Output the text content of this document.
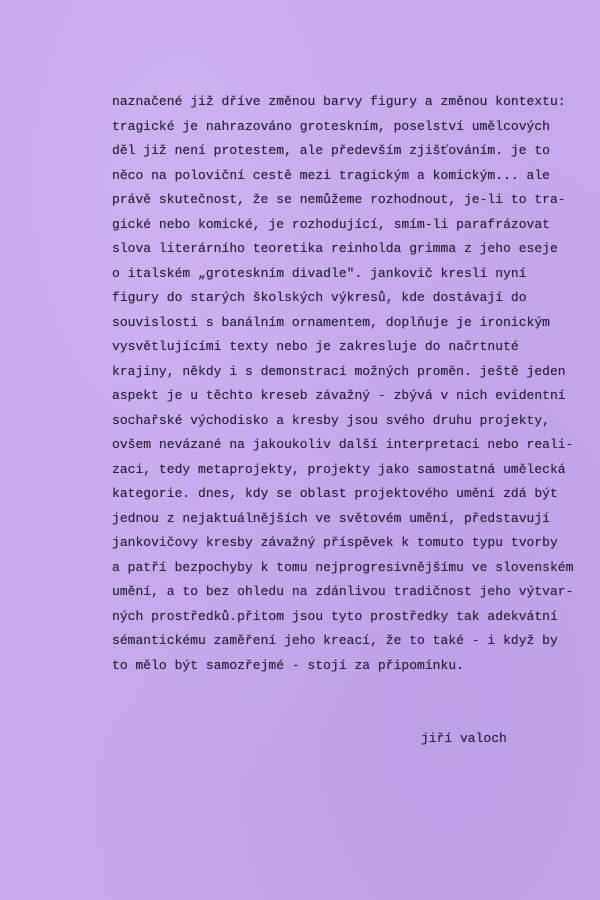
naznačené již dříve změnou barvy figury a změnou kontextu:
tragické je nahrazováno groteskním, poselství umělcových
děl již není protestem, ale především zjišťováním. je to
něco na poloviční cestě mezi tragickým a komickým... ale
právě skutečnost, že se nemůžeme rozhodnout, je-li to tra-
gické nebo komické, je rozhodující, smím-li parafrázovat
slova literárního teoretika reinholda grimma z jeho eseje
o italském „groteskním divadle". jankovič kreslí nyní
figury do starých školských výkresů, kde dostávají do
souvislosti s banálním ornamentem, doplňuje je ironickým
vysvětlujícími texty nebo je zakresluje do načrtnuté
krajiny, někdy i s demonstrací možných proměn. ještě jeden
aspekt je u těchto kreseb závažný - zbývá v nich evidentní
sochařské východisko a kresby jsou svého druhu projekty,
ovšem nevázané na jakoukoliv další interpretaci nebo reali-
zaci, tedy metaprojekty, projekty jako samostatná umělecká
kategorie. dnes, kdy se oblast projektového umění zdá být
jednou z nejaktuálnějších ve světovém umění, představují
jankovičovy kresby závažný příspěvek k tomuto typu tvorby
a patří bezpochyby k tomu nejprogresivnějšímu ve slovenském
umění, a to bez ohledu na zdánlivou tradičnost jeho výtvar-
ných prostředků.přitom jsou tyto prostředky tak adekvátní
sémantickému zaměření jeho kreací, že to také - i když by
to mělo být samozřejmé - stojí za připomínku.
jiří valoch
